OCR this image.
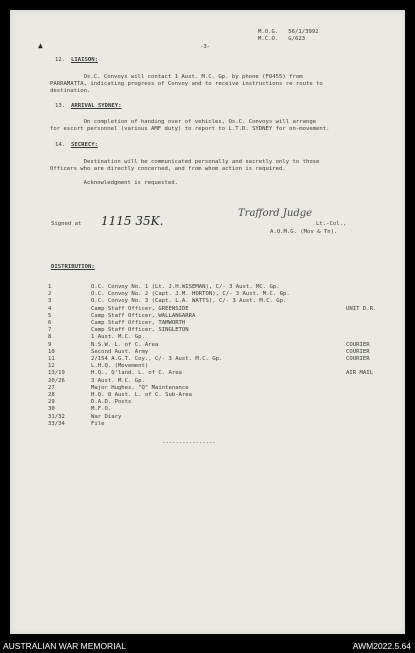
M.O.G.   56/1/3992
M.C.O.   G/623
-3-
▲
12. LIAISON:
Os.C. Convoys will contact 1 Aust. M.C. Gp. by phone (FO455) from
PARRAMATTA, indicating progress of Convoy and to receive instructions re route to
destination.
13. ARRIVAL SYDNEY:
On completion of handing over of vehicles, Os.C. Convoys will arrange
for escort personnel (various AMF duty) to report to L.T.D. SYDNEY for on-movement.
14. SECRECY:
Destination will be communicated personally and secretly only to those
Officers who are directly concerned, and from whom action is required.
Acknowledgment is requested.
Signed at 1115 35K.
Trafford Judge
Lt.-Col.,
A.Q.M.G. (Mov & Tn).
DISTRIBUTION:
1	O.C. Convoy No. 1 (Lt. J.H.WISEMAN), C/- 3 Aust. MC. Gp.
2	O.C. Convoy No. 2 (Capt. J.M. HORTON), C/- 3 Aust. M.C. Gp.
3	O.C. Convoy No. 3 (Capt. L.A. WATTS), C/- 3 Aust. M.C. Gp.
4	Camp Staff Officer, GREENSIDE	UNIT D.R.
5	Camp Staff Officer, WALLANGARRA
6	Camp Staff Officer, TAMWORTH
7	Camp Staff Officer, SINGLETON
8	1 Aust. M.C. Gp.
9	N.S.W. L. of C. Area	COURIER
10	Second Aust. Army	COURIER
11	2/154 A.G.T. Coy., C/- 3 Aust. M.C. Gp.	COURIER
12	L.H.Q. (Movement)
13/19	H.Q., Q'land. L. of C. Area	AIR MAIL
20/26	3 Aust. M.C. Gp.
27	Major Hughes, "Q" Maintenance
28	H.Q. 8 Aust. L. of C. Sub-Area
29	D.A.D. Posts
30	M.F.O.
31/32	War Diary
33/34	File
----------------
AUSTRALIAN WAR MEMORIAL	AWM2022.5.64
